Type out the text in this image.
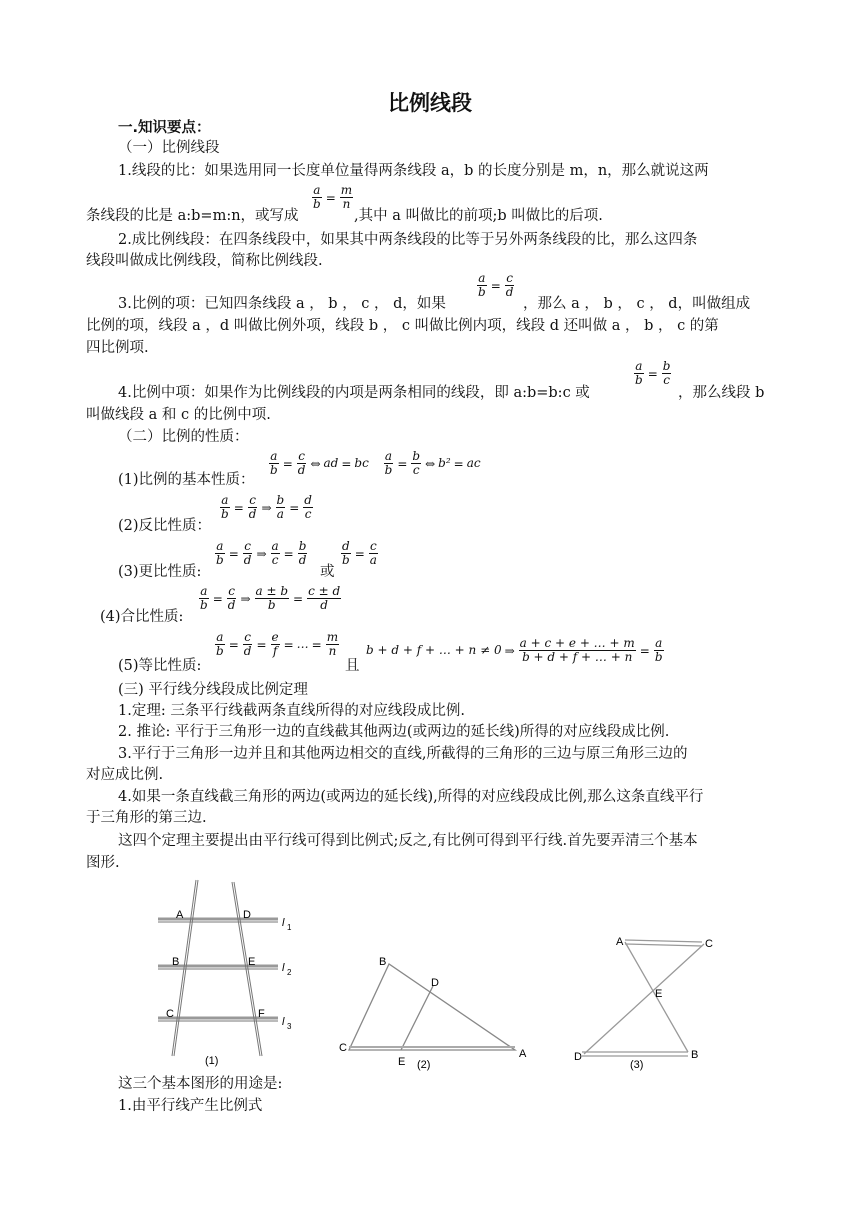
比例线段
一.知识要点：
（一）比例线段
1.线段的比：如果选用同一长度单位量得两条线段 a，b 的长度分别是 m，n，那么就说这两
条线段的比是 a:b=m:n，或写成
$\frac{a}{b} = \frac{m}{n}$
,其中 a 叫做比的前项;b 叫做比的后项.
2.成比例线段：在四条线段中，如果其中两条线段的比等于另外两条线段的比，那么这四条
线段叫做成比例线段，简称比例线段.
3.比例的项：已知四条线段 a ， b ， c ， d，如果
$\frac{a}{b} = \frac{c}{d}$
，那么 a ， b ， c ， d，叫做组成
比例的项，线段 a ，d 叫做比例外项，线段 b ， c 叫做比例内项，线段 d 还叫做 a ， b ， c 的第
四比例项.
4.比例中项：如果作为比例线段的内项是两条相同的线段，即 a:b=b:c 或
$\frac{a}{b} = \frac{b}{c}$
，那么线段 b
叫做线段 a 和 c 的比例中项.
（二）比例的性质：
(1)比例的基本性质：
$\frac{a}{b} = \frac{c}{d}$ ⇔ ad = bc $\frac{a}{b} = \frac{b}{c}$ ⇔ b² = ac
(2)反比性质：
$\frac{a}{b} = \frac{c}{d}$ ⇒ $\frac{b}{a} = \frac{d}{c}$
(3)更比性质:
$\frac{a}{b} = \frac{c}{d}$ ⇒ $\frac{a}{c} = \frac{b}{d}$
或
$\frac{d}{b} = \frac{c}{a}$
(4)合比性质:
$\frac{a}{b} = \frac{c}{d}$ ⇒ $\frac{a \pm b}{b} = \frac{c \pm d}{d}$
(5)等比性质:
$\frac{a}{b} = \frac{c}{d} = \frac{e}{f}$ = … = $\frac{m}{n}$
且
b + d + f + … + n ≠ 0 ⇒ $\frac{a + c + e + \dots + m}{b + d + f + \dots + n} = \frac{a}{b}$
(三) 平行线分线段成比例定理
1.定理: 三条平行线截两条直线所得的对应线段成比例.
2. 推论: 平行于三角形一边的直线截其他两边(或两边的延长线)所得的对应线段成比例.
3.平行于三角形一边并且和其他两边相交的直线,所截得的三角形的三边与原三角形三边的
对应成比例.
4.如果一条直线截三角形的两边(或两边的延长线),所得的对应线段成比例,那么这条直线平行
于三角形的第三边.
这四个定理主要提出由平行线可得到比例式;反之,有比例可得到平行线.首先要弄清三个基本
图形.
A	D
B	E
C	F
l 1
l 2
l 3
(1)
B
D
C
E
A
(2)
A	C
E
D	B
(3)
这三个基本图形的用途是:
1.由平行线产生比例式
